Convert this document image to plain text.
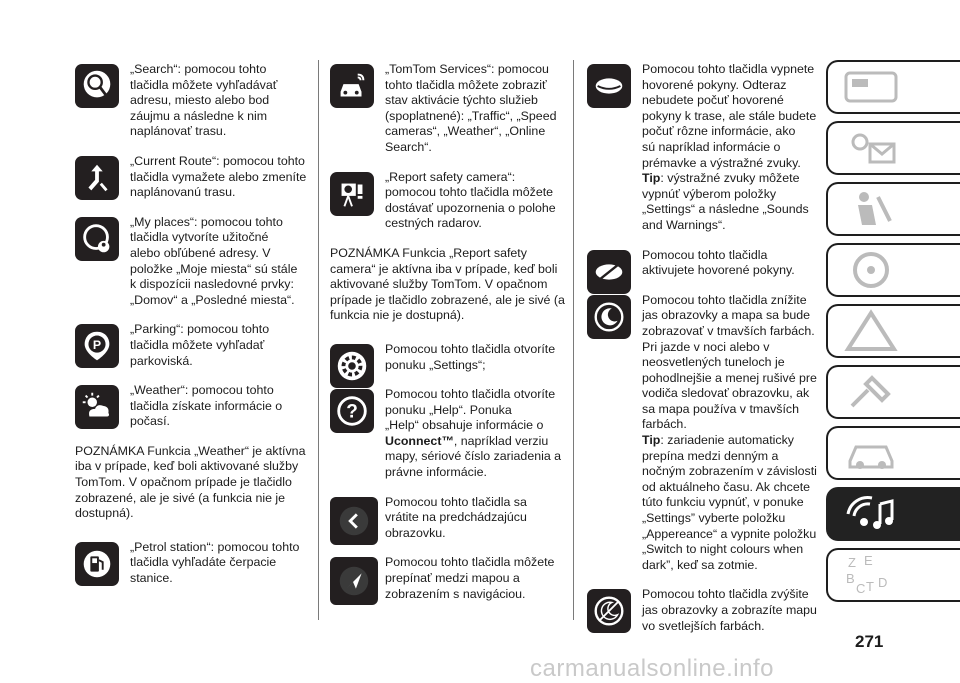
„Search“: pomocou tohto
tlačidla môžete vyhľadávať
adresu, miesto alebo bod
záujmu a následne k nim
naplánovať trasu.
„Current Route“: pomocou tohto
tlačidla vymažete alebo zmeníte
naplánovanú trasu.
„My places“: pomocou tohto
tlačidla vytvoríte užitočné
alebo obľúbené adresy. V
položke „Moje miesta“ sú stále
k dispozícii nasledovné prvky:
„Domov“ a „Posledné miesta“.
P
„Parking“: pomocou tohto
tlačidla môžete vyhľadať
parkoviská.
„Weather“: pomocou tohto
tlačidla získate informácie o
počasí.
POZNÁMKA Funkcia „Weather“ je aktívna
iba v prípade, keď boli aktivované služby
TomTom. V opačnom prípade je tlačidlo
zobrazené, ale je sivé (a funkcia nie je
dostupná).
„Petrol station“: pomocou tohto
tlačidla vyhľadáte čerpacie
stanice.
„TomTom Services“: pomocou
tohto tlačidla môžete zobraziť
stav aktivácie týchto služieb
(spoplatnené): „Traffic“, „Speed
cameras“, „Weather“, „Online
Search“.
„Report safety camera“:
pomocou tohto tlačidla môžete
dostávať upozornenia o polohe
cestných radarov.
POZNÁMKA Funkcia „Report safety
camera“ je aktívna iba v prípade, keď boli
aktivované služby TomTom. V opačnom
prípade je tlačidlo zobrazené, ale je sivé (a
funkcia nie je dostupná).
Pomocou tohto tlačidla otvoríte
ponuku „Settings“;
?
Pomocou tohto tlačidla otvoríte
ponuku „Help“. Ponuka
„Help“ obsahuje informácie o
Uconnect™, napríklad verziu
mapy, sériové číslo zariadenia a
právne informácie.
Pomocou tohto tlačidla sa
vrátite na predchádzajúcu
obrazovku.
Pomocou tohto tlačidla môžete
prepínať medzi mapou a
zobrazením s navigáciou.
Pomocou tohto tlačidla vypnete
hovorené pokyny. Odteraz
nebudete počuť hovorené
pokyny k trase, ale stále budete
počuť rôzne informácie, ako
sú napríklad informácie o
prémavke a výstražné zvuky.
Tip: výstražné zvuky môžete
vypnúť výberom položky
„Settings“ a následne „Sounds
and Warnings“.
Pomocou tohto tlačidla
aktivujete hovorené pokyny.
Pomocou tohto tlačidla znížite
jas obrazovky a mapa sa bude
zobrazovať v tmavších farbách.
Pri jazde v noci alebo v
neosvetlených tuneloch je
pohodlnejšie a menej rušivé pre
vodiča sledovať obrazovku, ak
sa mapa používa v tmavších
farbách.
Tip: zariadenie automaticky
prepína medzi denným a
nočným zobrazením v závislosti
od aktuálneho času. Ak chcete
túto funkciu vypnúť, v ponuke
„Settings” vyberte položku
„Appereance“ a vypnite položku
„Switch to night colours when
dark”, keď sa zotmie.
Pomocou tohto tlačidla zvýšite
jas obrazovky a zobrazíte mapu
vo svetlejších farbách.
Z E
B
C T D
271
carmanualsonline.info
